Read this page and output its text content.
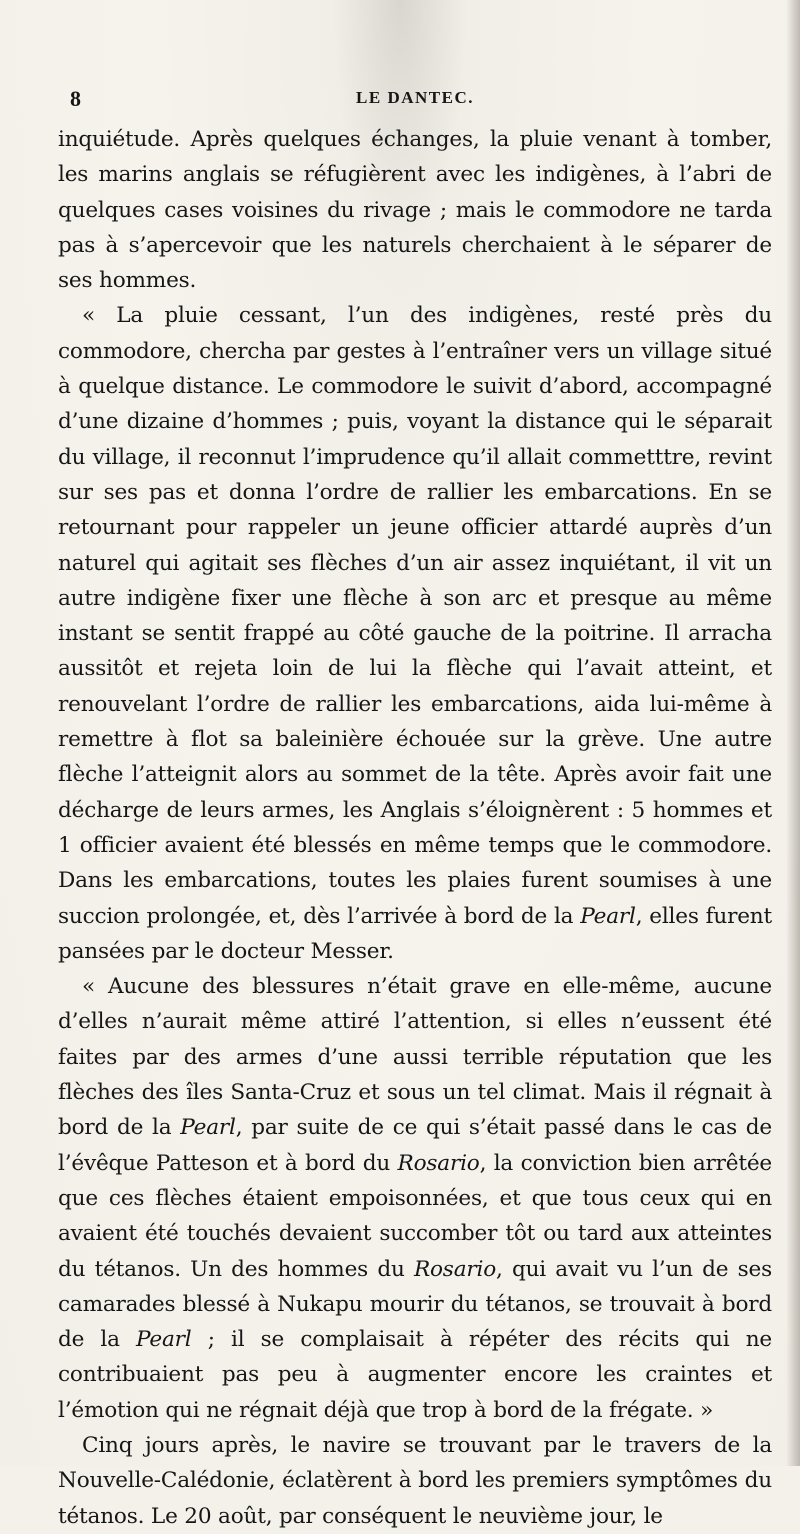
8	LE DANTEC.

inquiétude. Après quelques échanges, la pluie venant à tomber, les marins anglais se réfugièrent avec les indigènes, à l’abri de quelques cases voisines du rivage ; mais le commodore ne tarda pas à s’apercevoir que les naturels cherchaient à le séparer de ses hommes.

« La pluie cessant, l’un des indigènes, resté près du commodore, chercha par gestes à l’entraîner vers un village situé à quelque distance. Le commodore le suivit d’abord, accompagné d’une dizaine d’hommes ; puis, voyant la distance qui le séparait du village, il reconnut l’imprudence qu’il allait commetttre, revint sur ses pas et donna l’ordre de rallier les embarcations. En se retournant pour rappeler un jeune officier attardé auprès d’un naturel qui agitait ses flèches d’un air assez inquiétant, il vit un autre indigène fixer une flèche à son arc et presque au même instant se sentit frappé au côté gauche de la poitrine. Il arracha aussitôt et rejeta loin de lui la flèche qui l’avait atteint, et renouvelant l’ordre de rallier les embarcations, aida lui-même à remettre à flot sa baleinière échouée sur la grève. Une autre flèche l’atteignit alors au sommet de la tête. Après avoir fait une décharge de leurs armes, les Anglais s’éloignèrent : 5 hommes et 1 officier avaient été blessés en même temps que le commodore. Dans les embarcations, toutes les plaies furent soumises à une succion prolongée, et, dès l’arrivée à bord de la Pearl, elles furent pansées par le docteur Messer.

« Aucune des blessures n’était grave en elle-même, aucune d’elles n’aurait même attiré l’attention, si elles n’eussent été faites par des armes d’une aussi terrible réputation que les flèches des îles Santa-Cruz et sous un tel climat. Mais il régnait à bord de la Pearl, par suite de ce qui s’était passé dans le cas de l’évêque Patteson et à bord du Rosario, la conviction bien arrêtée que ces flèches étaient empoisonnées, et que tous ceux qui en avaient été touchés devaient succomber tôt ou tard aux atteintes du tétanos. Un des hommes du Rosario, qui avait vu l’un de ses camarades blessé à Nukapu mourir du tétanos, se trouvait à bord de la Pearl ; il se complaisait à répéter des récits qui ne contribuaient pas peu à augmenter encore les craintes et l’émotion qui ne régnait déjà que trop à bord de la frégate. »

Cinq jours après, le navire se trouvant par le travers de la Nouvelle-Calédonie, éclatèrent à bord les premiers symptômes du tétanos. Le 20 août, par conséquent le neuvième jour, le
